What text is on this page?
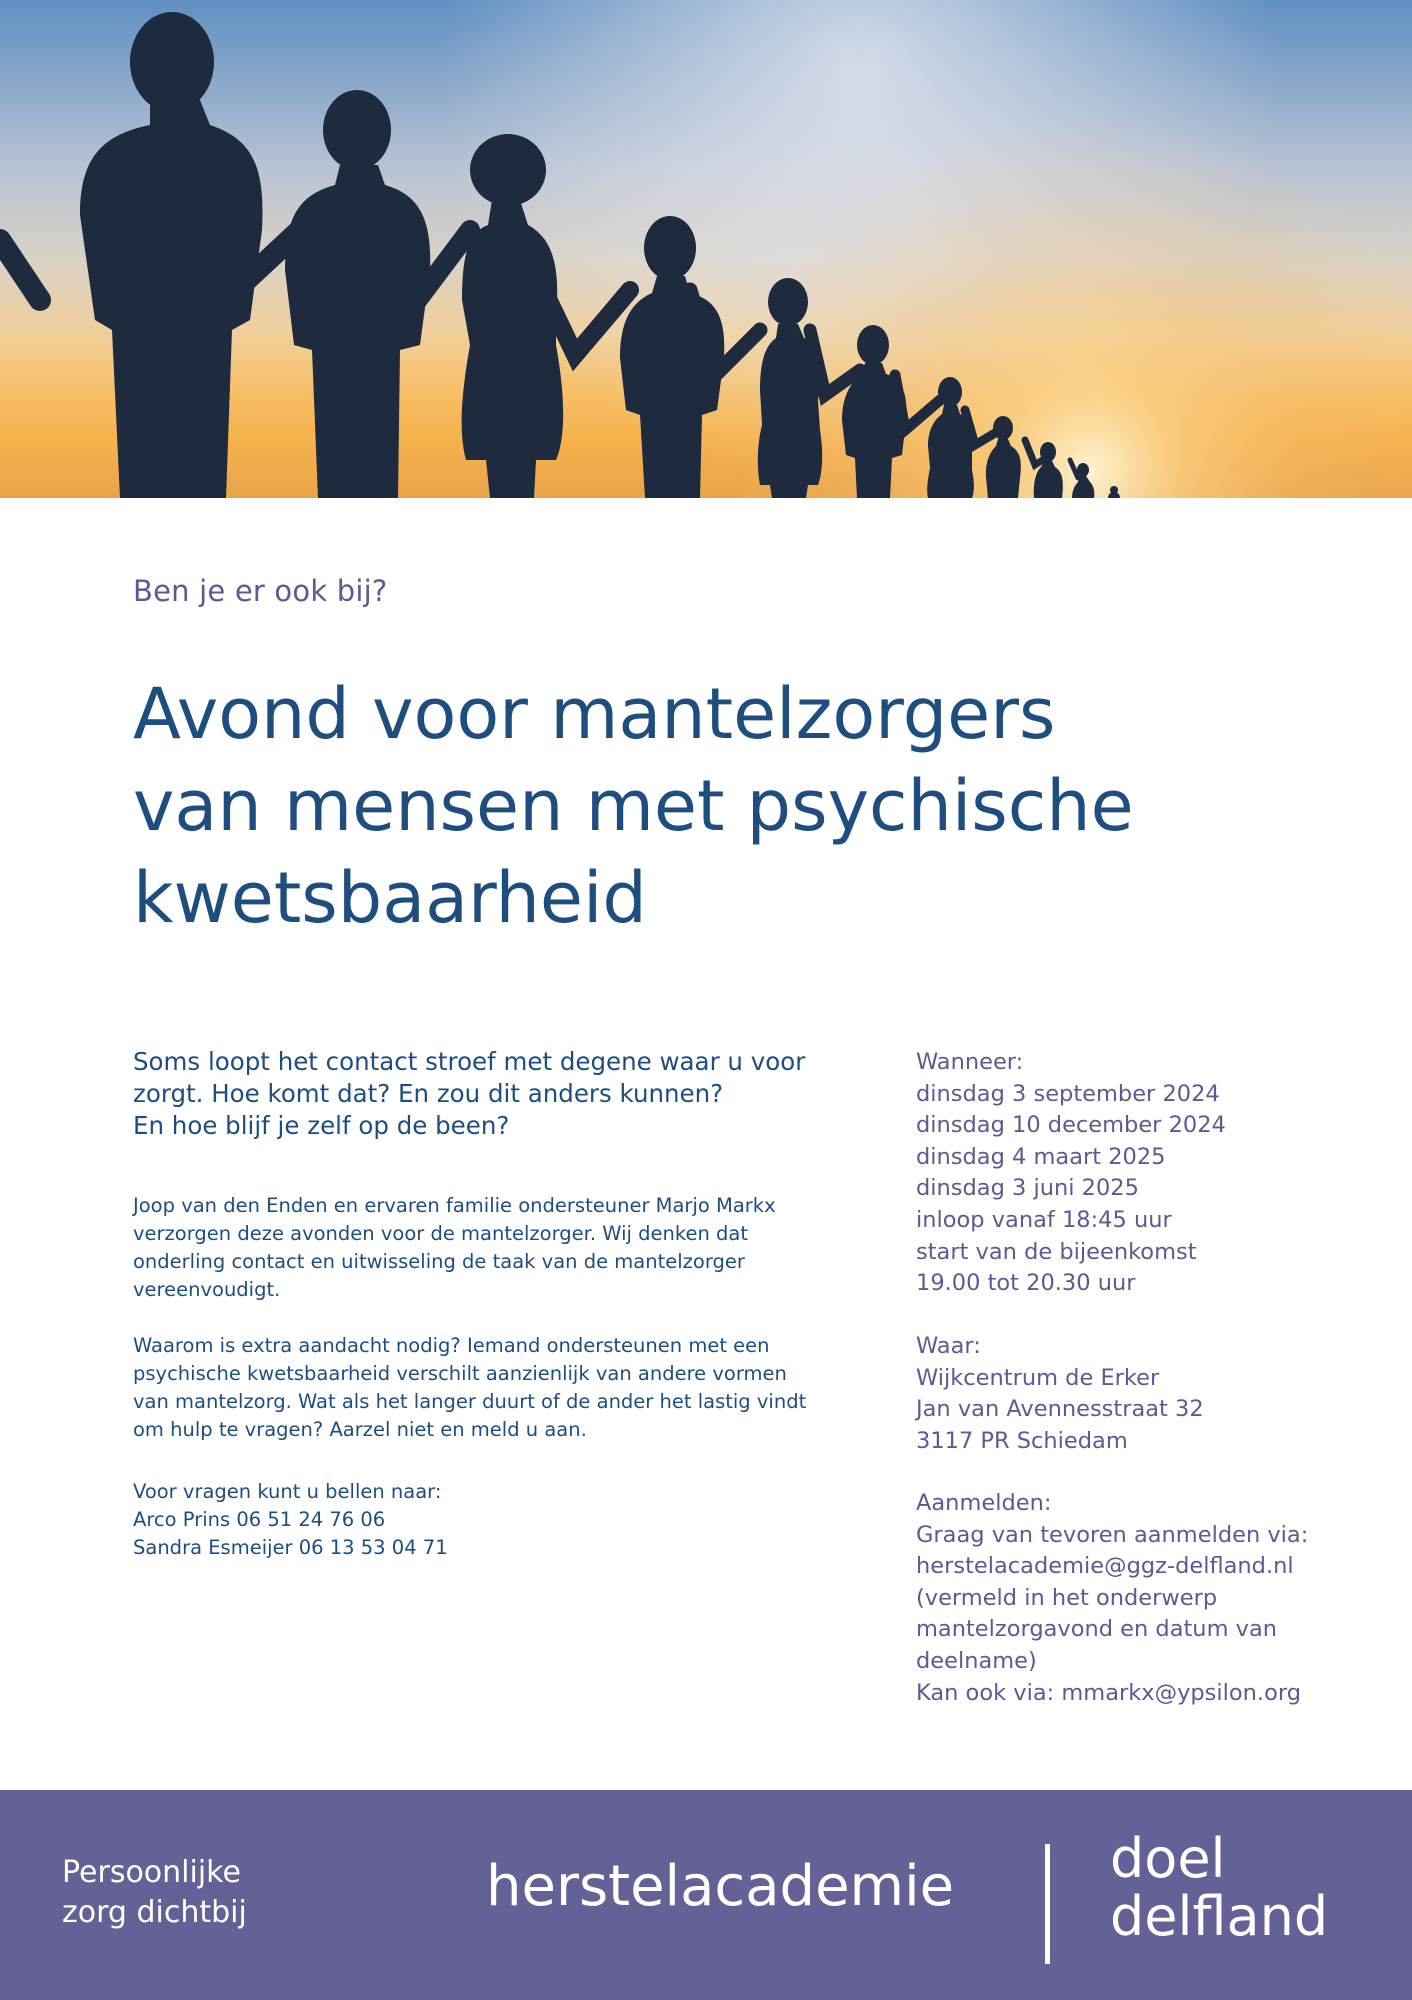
Ben je er ook bij?
Avond voor mantelzorgers
van mensen met psychische
kwetsbaarheid
Soms loopt het contact stroef met degene waar u voor
zorgt. Hoe komt dat? En zou dit anders kunnen?
En hoe blijf je zelf op de been?
Joop van den Enden en ervaren familie ondersteuner Marjo Markx
verzorgen deze avonden voor de mantelzorger. Wij denken dat
onderling contact en uitwisseling de taak van de mantelzorger
vereenvoudigt.
Waarom is extra aandacht nodig? Iemand ondersteunen met een
psychische kwetsbaarheid verschilt aanzienlijk van andere vormen
van mantelzorg. Wat als het langer duurt of de ander het lastig vindt
om hulp te vragen? Aarzel niet en meld u aan.
Voor vragen kunt u bellen naar:
Arco Prins 06 51 24 76 06
Sandra Esmeijer 06 13 53 04 71
Wanneer:
dinsdag 3 september 2024
dinsdag 10 december 2024
dinsdag 4 maart 2025
dinsdag 3 juni 2025
inloop vanaf 18:45 uur
start van de bijeenkomst
19.00 tot 20.30 uur
Waar:
Wijkcentrum de Erker
Jan van Avennesstraat 32
3117 PR Schiedam
Aanmelden:
Graag van tevoren aanmelden via:
herstelacademie@ggz-delfland.nl
(vermeld in het onderwerp
mantelzorgavond en datum van
deelname)
Kan ook via: mmarkx@ypsilon.org
Persoonlijke
zorg dichtbij	herstelacademie	doel
delfland
